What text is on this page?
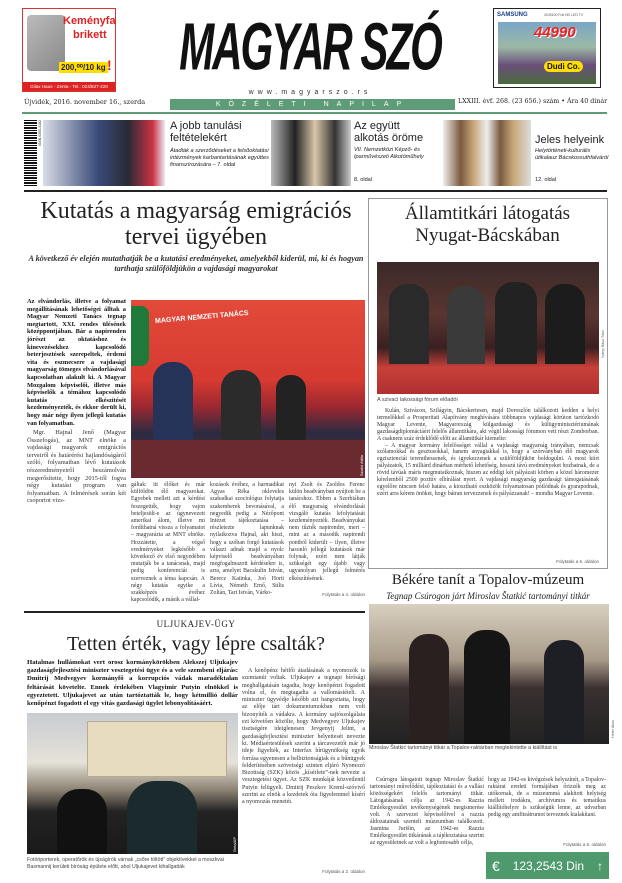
Keményfa
brikett
200,⁰⁰/10 kg !
Gilax Haus - Zenta - Tel.: 024/827-220
MAGYAR SZÓ
www.magyarszo.rs
SAMSUNG	40J5100 Full HD LED TV
44990
Dudi Co.
Újvidék, 2016. november 16., szerda	KÖZÉLETI NAPILAP	LXXIII. évf. 268. (23 656.) szám • Ára 40 dinár
ISSN 0350-4182	A jobb tanulási feltételekért
Átadták a szerződéseket a felsőoktatási intézmények karbantartásának együttes finanszírozására – 7. oldal
Az együtt alkotás öröme
VII. Nemzetközi Képző- és Iparművészeti Alkotóműhely
8. oldal
Jeles helyeink
Helytörténeti-kulturális útikalauz Bácskossuthfalváról
12. oldal
Kutatás a magyarság emigrációs tervei ügyében
A következő év elején mutathatják be a kutatási eredményeket, amelyekből kiderül, mi, ki és hogyan tarthatja szülőföldjükön a vajdasági magyarokat

Az elvándorlás, illetve a folyamat megállításának lehetőségei álltak a Magyar Nemzeti Tanács tegnap megtartott, XXI. rendes ülésének középpontjában. Bár a napirenden jórészt az oktatáshoz és kinevezésekhez kapcsolódó beterjesztések szerepeltek, érdemi vita és eszmecsere a vajdasági magyarság tömeges elvándorlásával kapcsolatban alakult ki. A Magyar Mozgalom képviselői, illetve más képviselők a témához kapcsolódó kutatás elkészítését kezdeményezték, és ekkor derült ki, hogy már négy ilyen jellegű kutatás van folyamatban.

Mgr. Hajnal Jenő (Magyar Összefogás), az MNT elnöke a vajdasági magyarok emigrációs terveiről és határérési hajlandóságáról szóló, folyamatban lévő kutatások részeredményeiről beszámolván megerősítette, hogy 2015-től fogva négy kutatási program van folyamatban. A felmérések során két csoportot vizs-

MAGYAR NEMZETI TANÁCS
Szabó Attila
gáltak: itt élőket és már külföldön élő magyarokat. Egyebek mellett azt a kérdést feszegették, hogy vajon beteljesült-e az úgynevezett amerikai álom, illetve mi fordíthatná vissza a folyamatot – magyarázta az MNT elnöke. Hozzátette, a végső eredményeket legkésőbb a következő év első negyedében mutatják be a tanácsnak, majd pedig konferenciát is szerveznek a téma kapcsán. A négy kutatás egyike a szakképzés évéhez kapcsolódik, a másik a vállal-
kozások évéhez, a harmadikat Agyas Réka okleveles szabadkai szociológus folytatja szakemberek bevonásával, a negyedik pedig a Nézőpont Intézet tájékoztatása – részletezte lapunknak nyilatkozva Hajnal, aki hiszi, hogy a szóban forgó kutatások választ adnak majd a nyolc képviselő beadványában megfogalmazott kérdésekre is, arra, amelyet Bacskulin István, Berecz Katinka, Joó Horti Lívia, Németh Ernő, Stílis Zoltán, Tari István, Várko-
nyi Zsolt és Zsoldos Ferenc külön beadványban nyújtott be a tanácshoz. Ebben a Szerbiában élő magyarság elvándorlását vizsgáló kutatás lefolytatását kezdeményezték. Beadványukat nem tűzték napirendre, mert – mint az a második napirendi pontból kiderült – ilyen, illetve hasonló jellegű kutatások már folynak, ezért nem látják szükségét egy újabb vagy ugyanolyan jellegű felmérés elkészítésének.
Folytatás a 4. oldalon
ULJUKAJEV-ÜGY
Tetten érték, vagy lépre csalták?
Hatalmas hullámokat vert orosz kormánykörökben Alekszej Uljukajev gazdaságfejlesztési miniszter vesztegetési ügye és a vele szembeni eljárás: Dmitrij Medvegyev kormányfő a korrupciós vádak maradéktalan feltárását követelte. Ennek érdekében Vlagyimir Putyin elnökkel is egyeztetett. Uljukajevet az után tartóztatták le, hogy kétmillió dollár kenőpénzt fogadott el egy vitás gazdasági ügylet lebonyolításáért.
Beta/AP
Fotóriporterek, operatőrök és újságírók várnak „csőre töltött” objektívekkel a moszkvai Basmannij kerületi bíróság épülete előtt, ahol Uljukajevet kihallgatták
A kenőpénz hétfői átadásának a nyomozók is szemtanúi voltak. Uljukajev a tegnapi bírósági meghallgatásán tagadta, hogy kenőpénzt fogadott volna el, és megtagadta a vallomástételt. A miniszter ügyvédje később azt hangoztatta, hogy az elője tárt dokumentumokban nem volt bizonyíték a vádakra. A kormány sajtószolgálata ezt követően közölte, hogy Medvegyev Uljukajev tisztségére ideiglenesen Jevgenyij Jelint, a gazdaságfejlesztési miniszter helyettesét nevezte ki. Médiaértesülések szerint a tárcavezetőt már jó ideje figyelték, az Interfax hírügynökség egyik forrása egyenesen a belbiztonságiak és a bűnügyek felderítésében szövetségi szinten eljáró Nyomozó Bizottság (SZK) közös „kísérlete”-nek nevezte a vesztegetési ügyet. Az SZK munkáját közvetlenül Putyin felügyeli. Dmitrij Peszkov Kreml-szóvivő szerint az elnök a kezdetek óta figyelemmel kísérí a nyomozás menetét.
Folytatás a 2. oldalon
Államtitkári látogatás Nyugat-Bácskában
Iványi Rácz Tibor
A szivaci lakossági fórum előadói

Kulán, Szivácon, Szilágyin, Bácskertesen, majd Doroszlón találkozott kedden a helyi termelőkkel a Prosperitati Alapítvány meghívására többnapos vajdasági körúton tartózkodó Magyar Levente, Magyarország külgazdasági és külügyminisztériumának gazdaságdiplomáciáért felelős államtitkára, aki végül lakossági fórumon vett részt Zomborban. A csaknem száz érdeklődő előtt az államtitkár kiemelte:

– A magyar kormány felelősséget vállal a vajdasági magyarság irányában, nemcsak szólamokkal és gesztusokkal, hanem anyagiakkal is, hogy a szórványban élő magyarok egzisztenciát teremthessenek, és igyekezzenek a szülőföldjükön boldogulni. A most kiírt pályázatok, 15 milliárd dinárban mérhető lehetőség, hosszú távú eredményeket hozhatnak, de a rövid távúak máris megmutatkoznak, hiszen az eddigi két pályázati körben a közel háromezer kérelemből 2500 pozitív elbírálást nyert. A vajdasági magyarság gazdasági támogatásának egyelőre nincsen felső határa, a kiosztható eszközök folyamatosan pótlódnak és gyarapodnak, ezért arra kérem önöket, hogy bátran tervezzenek és pályázzanak! – mondta Magyar Levente.

Folytatás a 6. oldalon
Békére tanít a Topalov-múzeum
Tegnap Csúrogon járt Miroslav Štatkić tartományi titkár
Hefer Ákos
Miroslav Štatkić tartományi titkár a Topalov-raktárban megtekintette a kiállítást is
Csúrogra látogatott tegnap Miroslav Štatkić tartományi művelődési, tájékoztatási és a vallási közösségekért felelős tartományi titkár. Látogatásának célja az 1942-es Razzia Emlékegyesület tevékenységének megismerése volt. A szervezet képviselőivel a razzia áldozatainak szentelt múzeumban találkozott. Jasmina Jurišin, az 1942-es Razzia Emlékegyesület titkárának a tájékoztatása szerint az egyesületnek az volt a legfontosabb célja,
hogy az 1942-es kivégzések helyszínét, a Topalov-raktárat eredeti formájában őrizzék meg az utókornak, de a múzeummá alakított helyiség mellett irodákra, archívumra és tematikus kiállítóhelyre is szükségük lenne, az udvarban pedig egy amfiteátrumot terveznek kialakítani.
Folytatás a 6. oldalon
€ 123,2543 Din ↑
